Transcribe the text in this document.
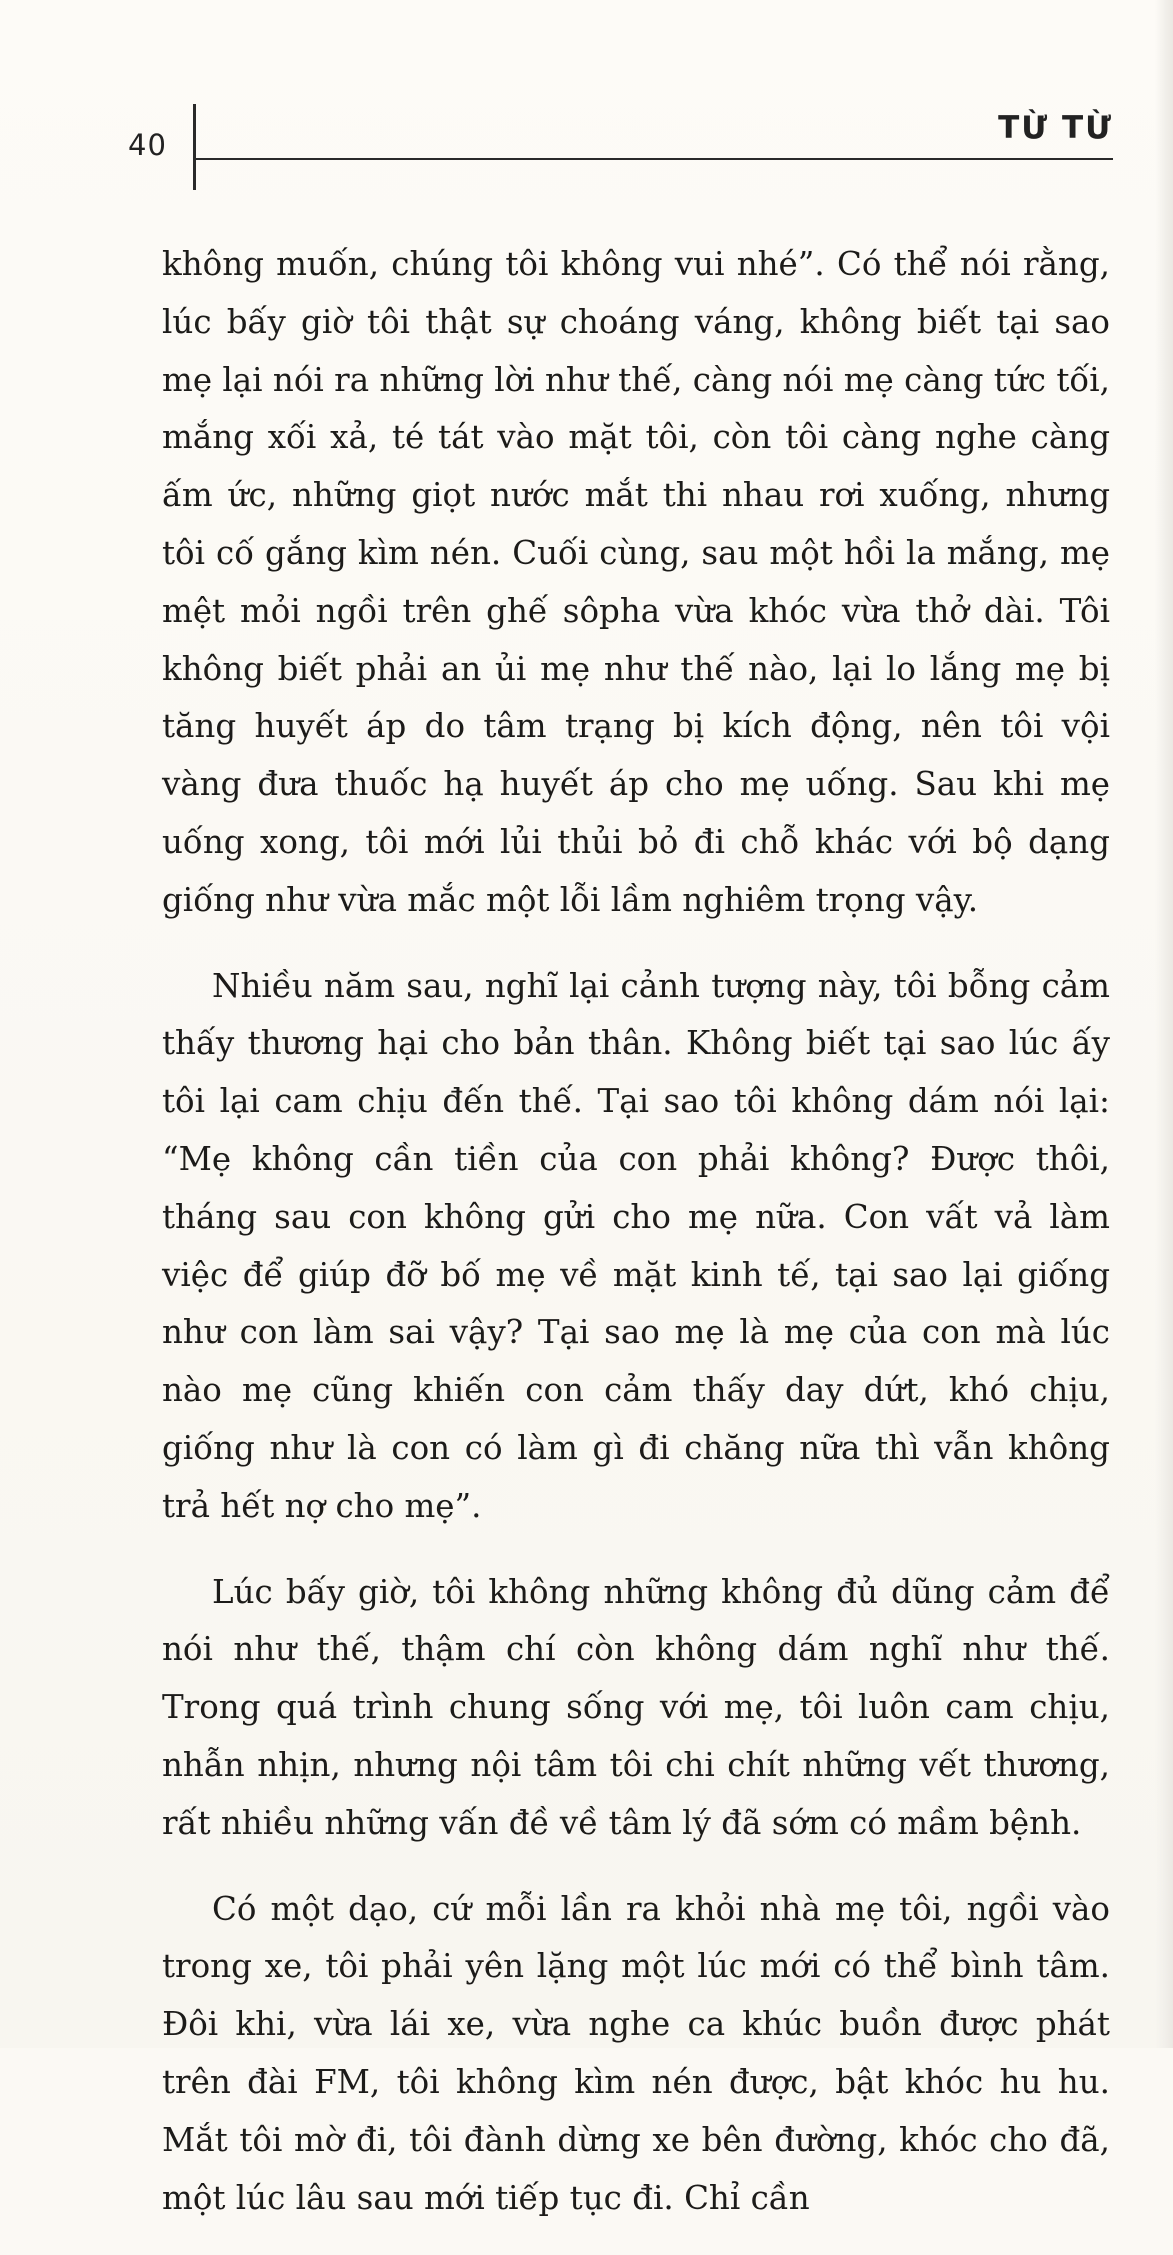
40	TỪ TỪ

không muốn, chúng tôi không vui nhé”. Có thể nói rằng, lúc bấy giờ tôi thật sự choáng váng, không biết tại sao mẹ lại nói ra những lời như thế, càng nói mẹ càng tức tối, mắng xối xả, té tát vào mặt tôi, còn tôi càng nghe càng ấm ức, những giọt nước mắt thi nhau rơi xuống, nhưng tôi cố gắng kìm nén. Cuối cùng, sau một hồi la mắng, mẹ mệt mỏi ngồi trên ghế sôpha vừa khóc vừa thở dài. Tôi không biết phải an ủi mẹ như thế nào, lại lo lắng mẹ bị tăng huyết áp do tâm trạng bị kích động, nên tôi vội vàng đưa thuốc hạ huyết áp cho mẹ uống. Sau khi mẹ uống xong, tôi mới lủi thủi bỏ đi chỗ khác với bộ dạng giống như vừa mắc một lỗi lầm nghiêm trọng vậy.

Nhiều năm sau, nghĩ lại cảnh tượng này, tôi bỗng cảm thấy thương hại cho bản thân. Không biết tại sao lúc ấy tôi lại cam chịu đến thế. Tại sao tôi không dám nói lại: “Mẹ không cần tiền của con phải không? Được thôi, tháng sau con không gửi cho mẹ nữa. Con vất vả làm việc để giúp đỡ bố mẹ về mặt kinh tế, tại sao lại giống như con làm sai vậy? Tại sao mẹ là mẹ của con mà lúc nào mẹ cũng khiến con cảm thấy day dứt, khó chịu, giống như là con có làm gì đi chăng nữa thì vẫn không trả hết nợ cho mẹ”.

Lúc bấy giờ, tôi không những không đủ dũng cảm để nói như thế, thậm chí còn không dám nghĩ như thế. Trong quá trình chung sống với mẹ, tôi luôn cam chịu, nhẫn nhịn, nhưng nội tâm tôi chi chít những vết thương, rất nhiều những vấn đề về tâm lý đã sớm có mầm bệnh.

Có một dạo, cứ mỗi lần ra khỏi nhà mẹ tôi, ngồi vào trong xe, tôi phải yên lặng một lúc mới có thể bình tâm. Đôi khi, vừa lái xe, vừa nghe ca khúc buồn được phát trên đài FM, tôi không kìm nén được, bật khóc hu hu. Mắt tôi mờ đi, tôi đành dừng xe bên đường, khóc cho đã, một lúc lâu sau mới tiếp tục đi. Chỉ cần
